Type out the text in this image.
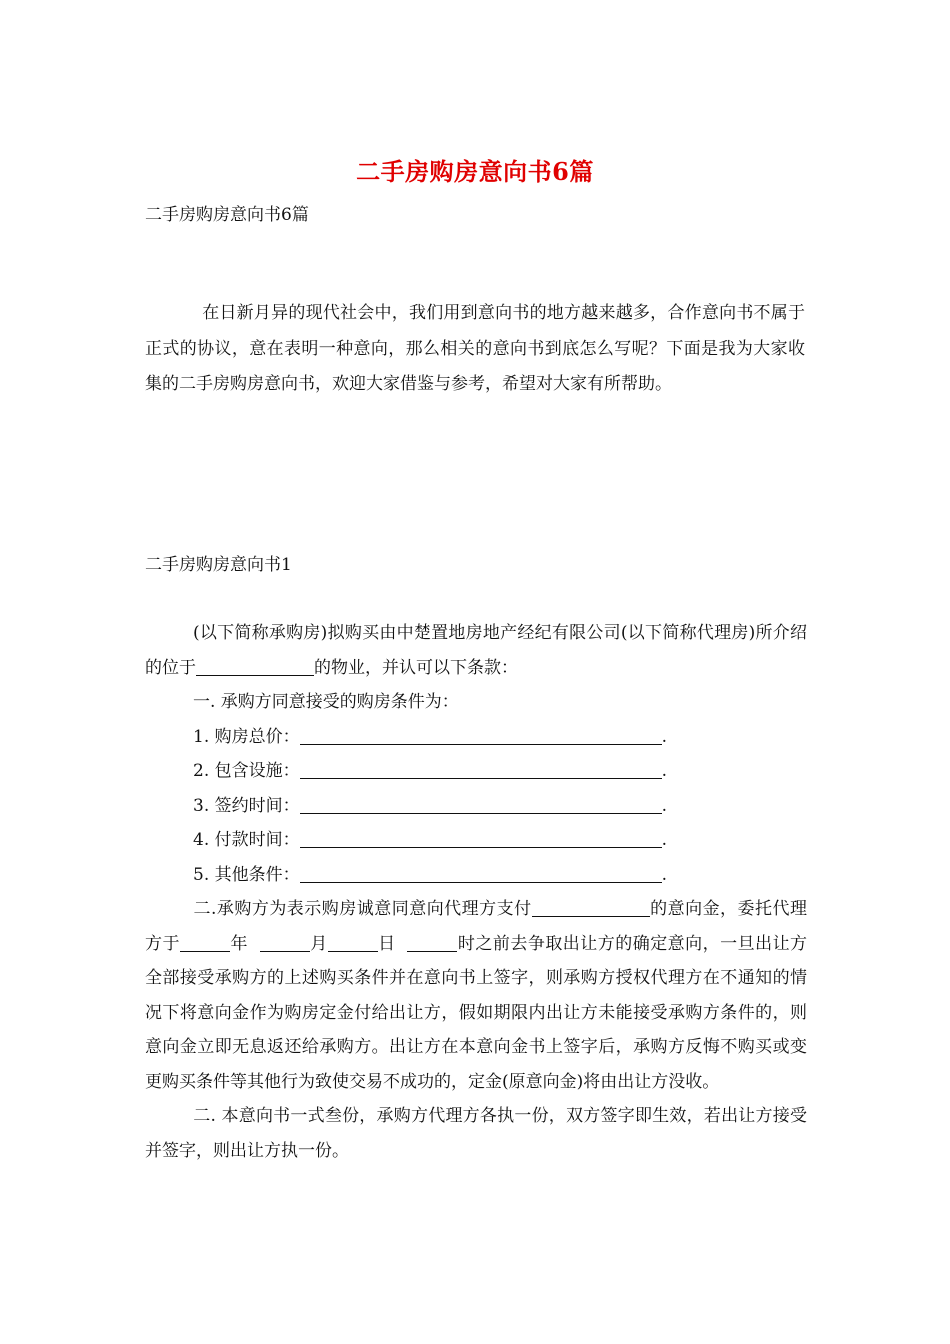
二手房购房意向书6篇
二手房购房意向书6篇
在日新月异的现代社会中，我们用到意向书的地方越来越多，合作意向书不属于正式的协议，意在表明一种意向，那么相关的意向书到底怎么写呢？下面是我为大家收集的二手房购房意向书，欢迎大家借鉴与参考，希望对大家有所帮助。
二手房购房意向书1

(以下简称承购房)拟购买由中楚置地房地产经纪有限公司(以下简称代理房)所介绍的位于	的物业，并认可以下条款：

一. 承购方同意接受的购房条件为：
1. 购房总价：	.
2. 包含设施：	.
3. 签约时间：	.
4. 付款时间：	.
5. 其他条件：	.

二.承购方为表示购房诚意同意向代理方支付	的意向金，委托代理方于	年	月	日	时之前去争取出让方的确定意向，一旦出让方全部接受承购方的上述购买条件并在意向书上签字，则承购方授权代理方在不通知的情况下将意向金作为购房定金付给出让方，假如期限内出让方未能接受承购方条件的，则意向金立即无息返还给承购方。出让方在本意向金书上签字后，承购方反悔不购买或变更购买条件等其他行为致使交易不成功的，定金(原意向金)将由出让方没收。

二. 本意向书一式叁份，承购方代理方各执一份，双方签字即生效，若出让方接受并签字，则出让方执一份。
